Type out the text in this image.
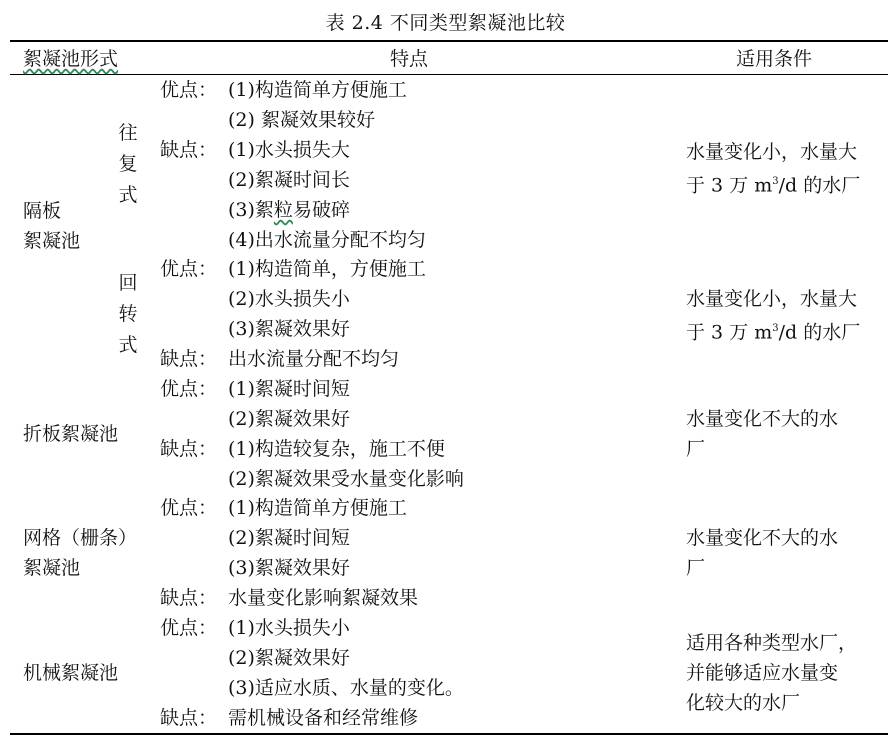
表 2.4 不同类型絮凝池比较
絮凝池形式	特点	适用条件
隔板
絮凝池
往
复
式
回
转
式
优点： (1)构造简单方便施工
(2) 絮凝效果较好
缺点： (1)水头损失大
(2)絮凝时间长
(3)絮粒易破碎
(4)出水流量分配不均匀
优点： (1)构造简单，方便施工
(2)水头损失小
(3)絮凝效果好
缺点： 出水流量分配不均匀
水量变化小，水量大
于 3 万 $m^3/d$ 的水厂
水量变化小，水量大
于 3 万 $m^3/d$ 的水厂
折板絮凝池
优点： (1)絮凝时间短
(2)絮凝效果好
缺点： (1)构造较复杂，施工不便
(2)絮凝效果受水量变化影响
水量变化不大的水
厂
网格（栅条）
絮凝池
优点： (1)构造简单方便施工
(2)絮凝时间短
(3)絮凝效果好
缺点： 水量变化影响絮凝效果
水量变化不大的水
厂
机械絮凝池
优点： (1)水头损失小
(2)絮凝效果好
(3)适应水质、水量的变化。
缺点： 需机械设备和经常维修
适用各种类型水厂，
并能够适应水量变
化较大的水厂
